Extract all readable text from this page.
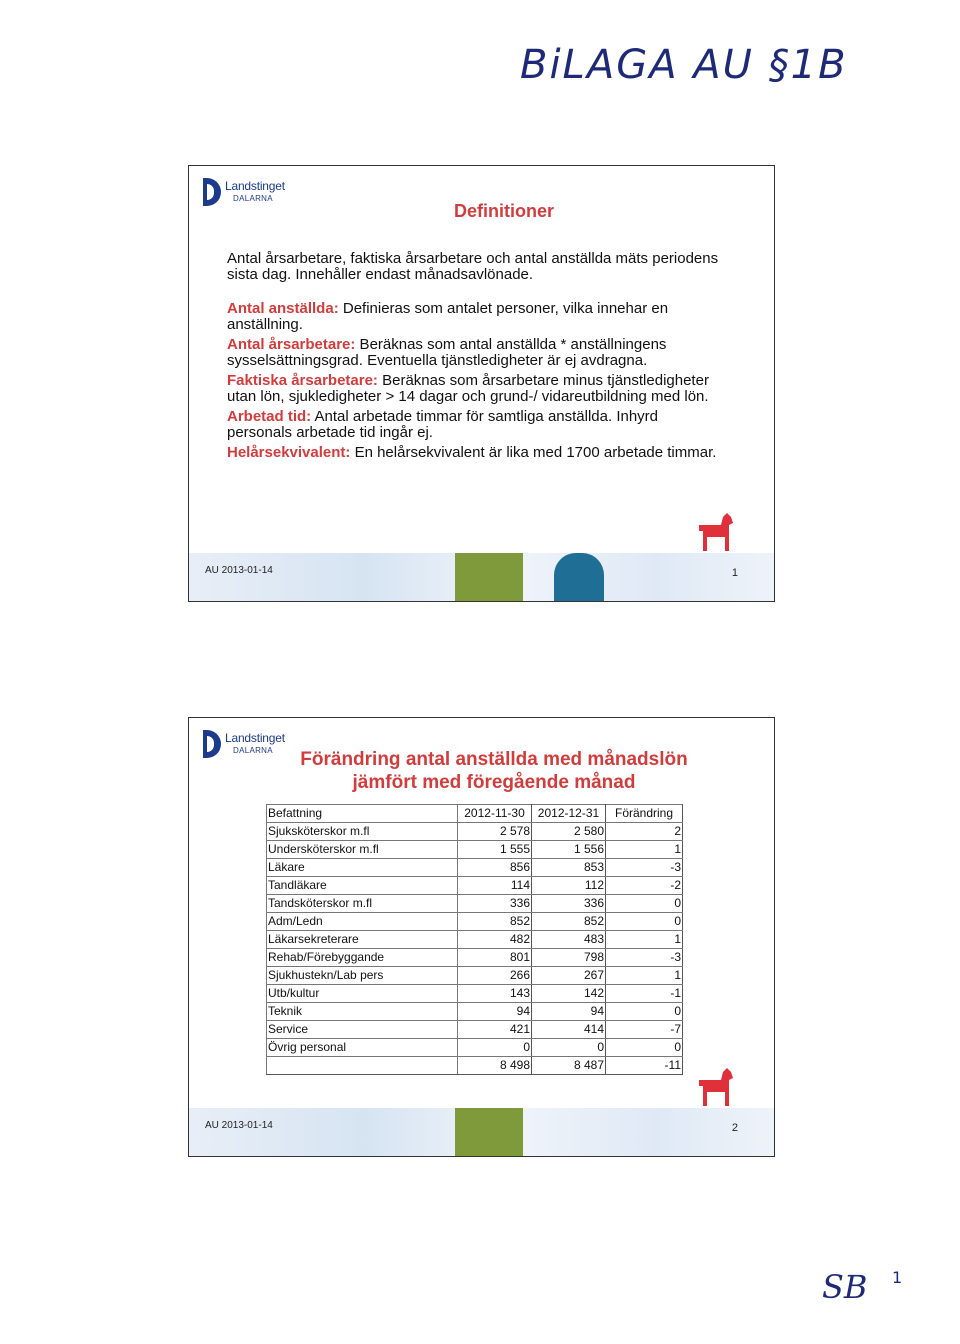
BiLAGA AU §1B
Landstinget
DALARNA
Definitioner

Antal årsarbetare, faktiska årsarbetare och antal anställda mäts periodens sista dag. Innehåller endast månadsavlönade.

Antal anställda: Definieras som antalet personer, vilka innehar en anställning.

Antal årsarbetare: Beräknas som antal anställda * anställningens sysselsättningsgrad. Eventuella tjänstledigheter är ej avdragna.

Faktiska årsarbetare: Beräknas som årsarbetare minus tjänstledigheter utan lön, sjukledigheter > 14 dagar och grund-/ vidareutbildning med lön.

Arbetad tid: Antal arbetade timmar för samtliga anställda. Inhyrd personals arbetade tid ingår ej.

Helårsekvivalent: En helårsekvivalent är lika med 1700 arbetade timmar.

AU 2013-01-14	1
Landstinget
DALARNA	Förändring antal anställda med månadslön
jämfört med föregående månad
Befattning	2012-11-30	2012-12-31	Förändring
Sjuksköterskor m.fl	2 578	2 580	2
Undersköterskor m.fl	1 555	1 556	1
Läkare	856	853	-3
Tandläkare	114	112	-2
Tandsköterskor m.fl	336	336	0
Adm/Ledn	852	852	0
Läkarsekreterare	482	483	1
Rehab/Förebyggande	801	798	-3
Sjukhustekn/Lab pers	266	267	1
Utb/kultur	143	142	-1
Teknik	94	94	0
Service	421	414	-7
Övrig personal	0	0	0
	8 498	8 487	-11
AU 2013-01-14	2
1
SB
